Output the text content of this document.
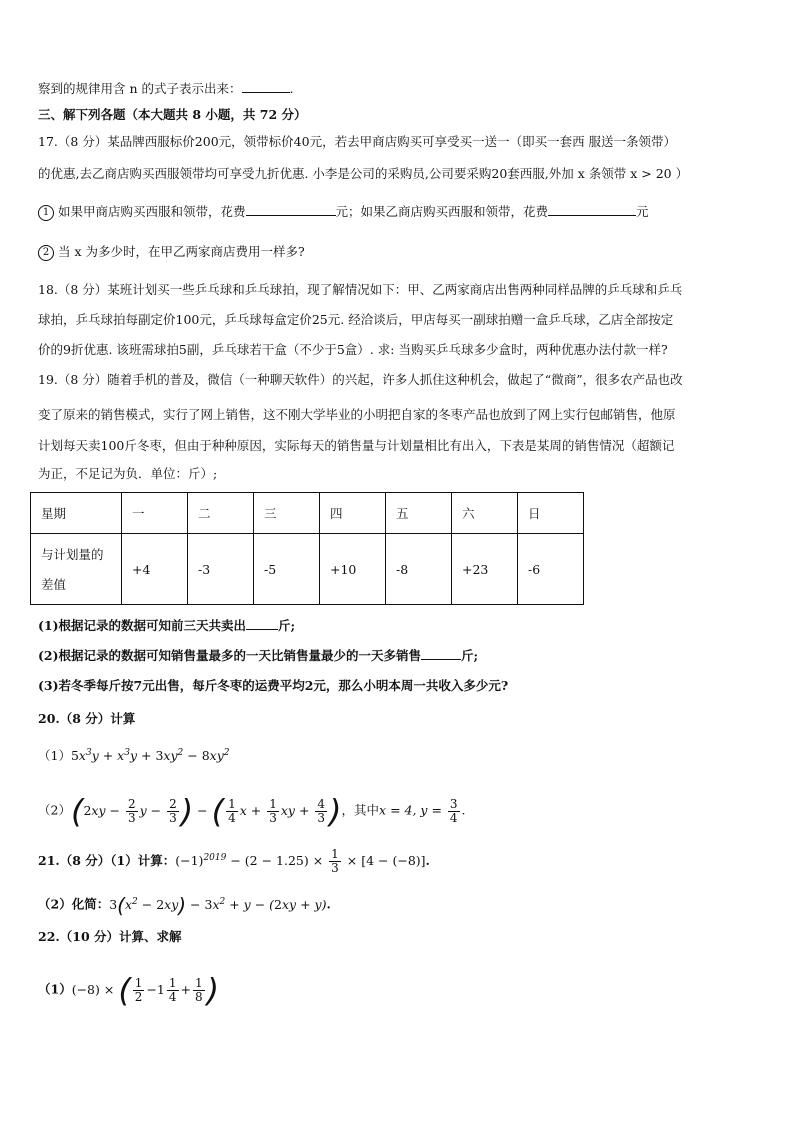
察到的规律用含 n 的式子表示出来：	.
三、解下列各题（本大题共 8 小题，共 72 分）
17.（8 分）某品牌西服标价200元，领带标价40元，若去甲商店购买可享受买一送一（即买一套西 服送一条领带）
的优惠,去乙商店购买西服领带均可享受九折优惠. 小李是公司的采购员,公司要采购20套西服,外加 x 条领带 x > 20 ）
1 如果甲商店购买西服和领带，花费	元；如果乙商店购买西服和领带，花费	元
2 当 x 为多少时，在甲乙两家商店费用一样多?
18.（8 分）某班计划买一些乒乓球和乒乓球拍，现了解情况如下：甲、乙两家商店出售两种同样品牌的乒乓球和乒乓
球拍，乒乓球拍每副定价100元，乒乓球每盒定价25元. 经洽谈后，甲店每买一副球拍赠一盒乒乓球，乙店全部按定
价的9折优惠. 该班需球拍5副，乒乓球若干盒（不少于5盒）. 求: 当购买乒乓球多少盒时，两种优惠办法付款一样?
19.（8 分）随着手机的普及，微信（一种聊天软件）的兴起，许多人抓住这种机会，做起了“微商”，很多农产品也改
变了原来的销售模式，实行了网上销售，这不刚大学毕业的小明把自家的冬枣产品也放到了网上实行包邮销售，他原
计划每天卖100斤冬枣，但由于种种原因，实际每天的销售量与计划量相比有出入，下表是某周的销售情况（超额记
为正，不足记为负．单位：斤）;
星期	一	二	三	四	五	六	日

与计划量的
差值	+4	-3	-5	+10	-8	+23	-6
(1)根据记录的数据可知前三天共卖出	斤;
(2)根据记录的数据可知销售量最多的一天比销售量最少的一天多销售	斤;
(3)若冬季每斤按7元出售，每斤冬枣的运费平均2元，那么小明本周一共收入多少元?
20.（8 分）计算
$(1)5x^3y + x^3y + 3xy^2 - 8xy^2$
$(2)(2xy - \frac{2}{3}$ $y - \frac{2}{3}$ ) − ( $\frac{1}{4}$ $x + \frac{1}{3}$ xy + $\frac{4}{3}$ )，其中x = 4, $y = \frac{3}{4}$ .
21.（8 分）（1）计算：$(-1)^{2019} - (2 - 1.25) \times \frac{1}{3} \times [4 - (-8)]$.
（2）化简：$3(x^2 - 2xy) - 3x^2 + y - (2xy + y)$.
22.（10 分）计算、求解
（1）(−8) × ( $\frac{1}{2} -1 \frac{1}{4} + \frac{1}{8}$ )
